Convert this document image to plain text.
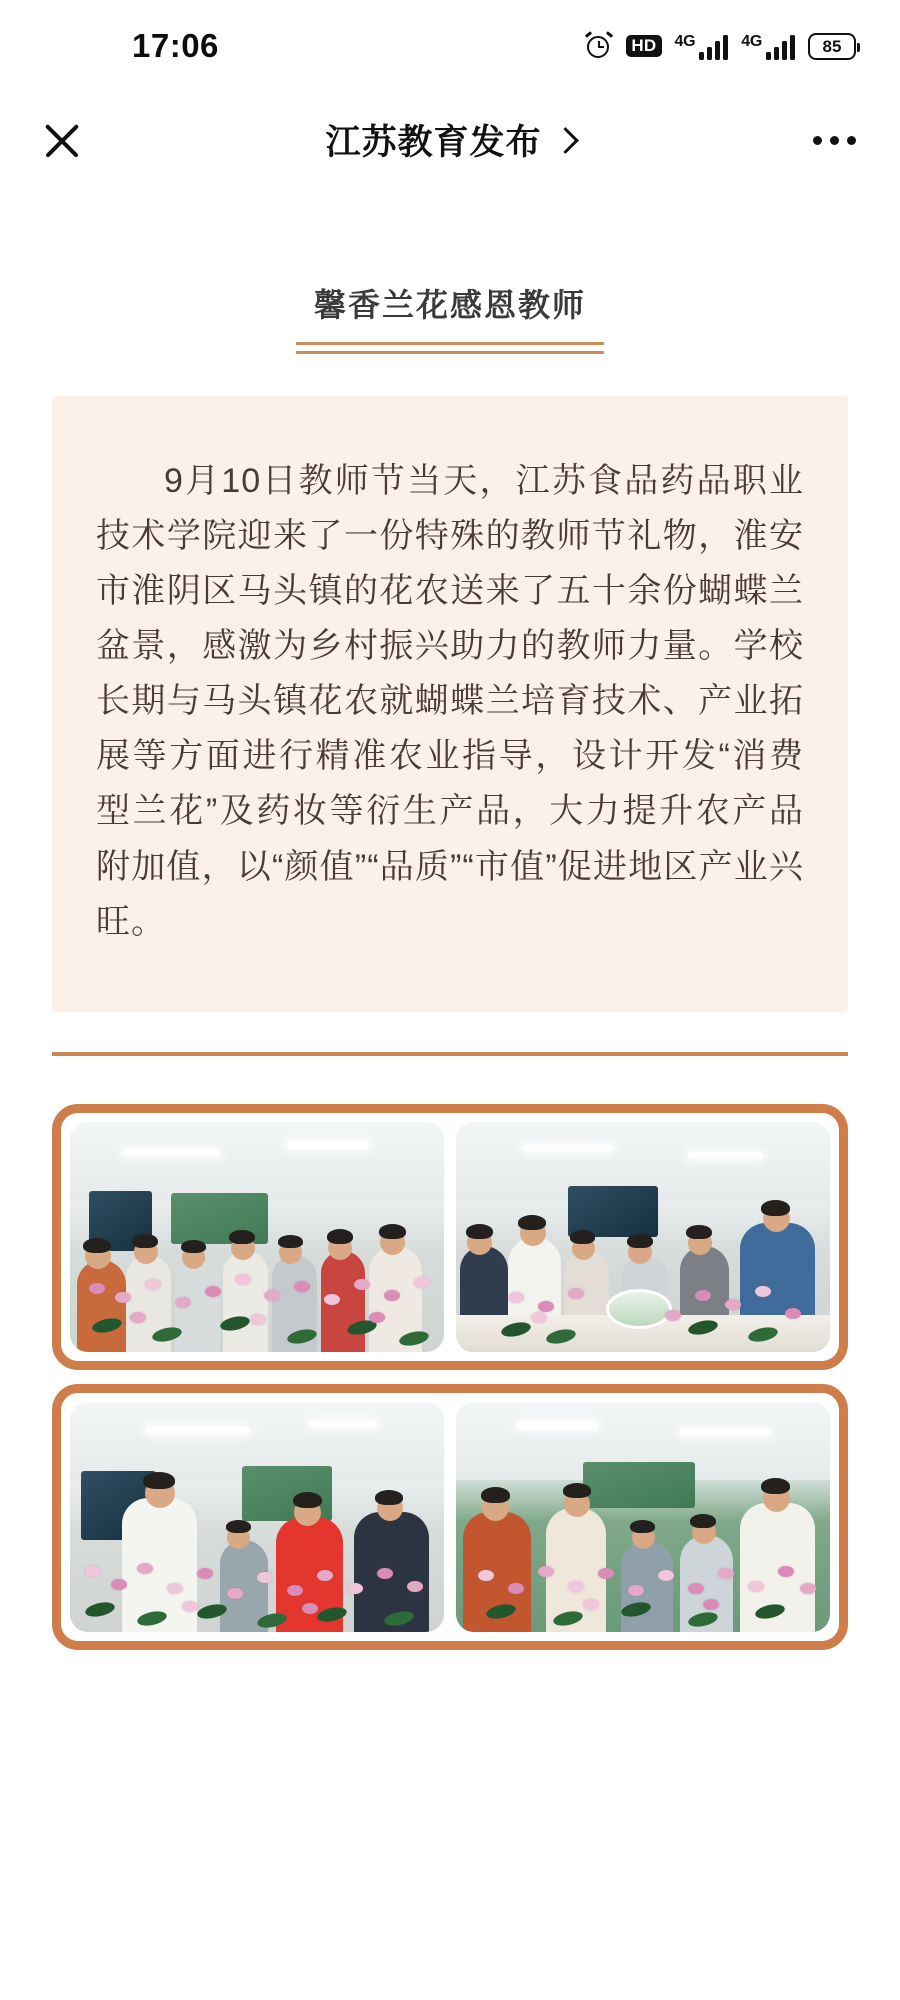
17:06	HD	4G	4G	85
江苏教育发布
馨香兰花感恩教师

9月10日教师节当天，江苏食品药品职业技术学院迎来了一份特殊的教师节礼物，淮安市淮阴区马头镇的花农送来了五十余份蝴蝶兰盆景，感激为乡村振兴助力的教师力量。学校长期与马头镇花农就蝴蝶兰培育技术、产业拓展等方面进行精准农业指导，设计开发“消费型兰花”及药妆等衍生产品，大力提升农产品附加值，以“颜值”“品质”“市值”促进地区产业兴旺。
